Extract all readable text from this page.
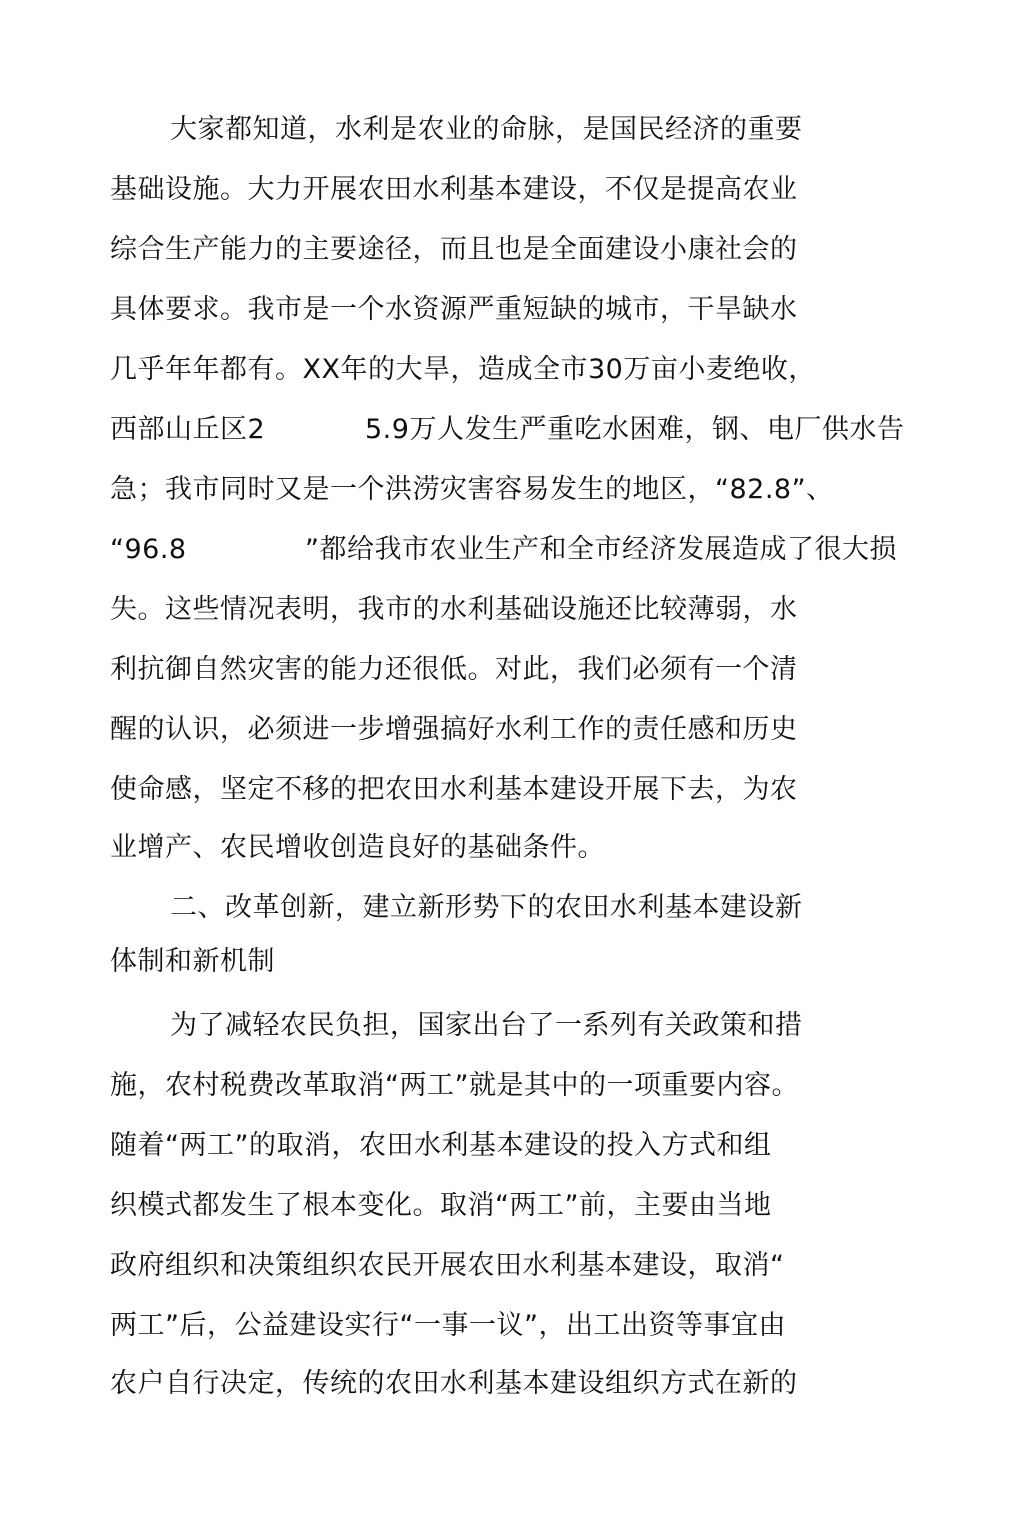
大家都知道，水利是农业的命脉，是国民经济的重要
基础设施。大力开展农田水利基本建设，不仅是提高农业
综合生产能力的主要途径，而且也是全面建设小康社会的
具体要求。我市是一个水资源严重短缺的城市，干旱缺水
几乎年年都有。XX年的大旱，造成全市30万亩小麦绝收，
西部山丘区2	5.9万人发生严重吃水困难，钢、电厂供水告
急；我市同时又是一个洪涝灾害容易发生的地区，“82.8”、
“96.8	”都给我市农业生产和全市经济发展造成了很大损
失。这些情况表明，我市的水利基础设施还比较薄弱，水
利抗御自然灾害的能力还很低。对此，我们必须有一个清
醒的认识，必须进一步增强搞好水利工作的责任感和历史
使命感，坚定不移的把农田水利基本建设开展下去，为农
业增产、农民增收创造良好的基础条件。
二、改革创新，建立新形势下的农田水利基本建设新
体制和新机制
为了减轻农民负担，国家出台了一系列有关政策和措
施，农村税费改革取消“两工”就是其中的一项重要内容。
随着“两工”的取消，农田水利基本建设的投入方式和组
织模式都发生了根本变化。取消“两工”前，主要由当地
政府组织和决策组织农民开展农田水利基本建设，取消“
两工”后，公益建设实行“一事一议”，出工出资等事宜由
农户自行决定，传统的农田水利基本建设组织方式在新的
